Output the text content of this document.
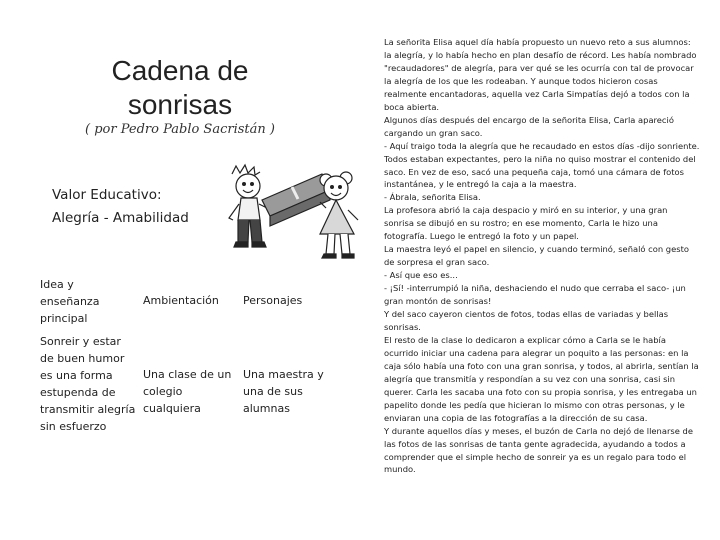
Cadena de sonrisas
( por Pedro Pablo Sacristán )
Valor Educativo:
Alegría - Amabilidad
Idea y enseñanza principal
Ambientación	Personajes
Sonreir y estar de buen humor es una forma estupenda de transmitir alegría sin esfuerzo
Una clase de un colegio cualquiera
Una maestra y una de sus alumnas

La señorita Elisa aquel día había propuesto un nuevo reto a sus alumnos: la alegría, y lo había hecho en plan desafío de récord. Les había nombrado "recaudadores" de alegría, para ver qué se les ocurría con tal de provocar la alegría de los que les rodeaban. Y aunque todos hicieron cosas realmente encantadoras, aquella vez Carla Simpatías dejó a todos con la boca abierta.

Algunos días después del encargo de la señorita Elisa, Carla apareció cargando un gran saco.

- Aquí traigo toda la alegría que he recaudado en estos días -dijo sonriente.

Todos estaban expectantes, pero la niña no quiso mostrar el contenido del saco. En vez de eso, sacó una pequeña caja, tomó una cámara de fotos instantánea, y le entregó la caja a la maestra.

- Ábrala, señorita Elisa.

La profesora abrió la caja despacio y miró en su interior, y una gran sonrisa se dibujó en su rostro; en ese momento, Carla le hizo una fotografía. Luego le entregó la foto y un papel.

La maestra leyó el papel en silencio, y cuando terminó, señaló con gesto de sorpresa el gran saco.

- Así que eso es...

- ¡Sí! -interrumpió la niña, deshaciendo el nudo que cerraba el saco- ¡un gran montón de sonrisas!

Y del saco cayeron cientos de fotos, todas ellas de variadas y bellas sonrisas.

El resto de la clase lo dedicaron a explicar cómo a Carla se le había ocurrido iniciar una cadena para alegrar un poquito a las personas: en la caja sólo había una foto con una gran sonrisa, y todos, al abrirla, sentían la alegría que transmitía y respondían a su vez con una sonrisa, casi sin querer. Carla les sacaba una foto con su propia sonrisa, y les entregaba un papelito donde les pedía que hicieran lo mismo con otras personas, y le enviaran una copia de las fotografías a la dirección de su casa.

Y durante aquellos días y meses, el buzón de Carla no dejó de llenarse de las fotos de las sonrisas de tanta gente agradecida, ayudando a todos a comprender que el simple hecho de sonreir ya es un regalo para todo el mundo.
